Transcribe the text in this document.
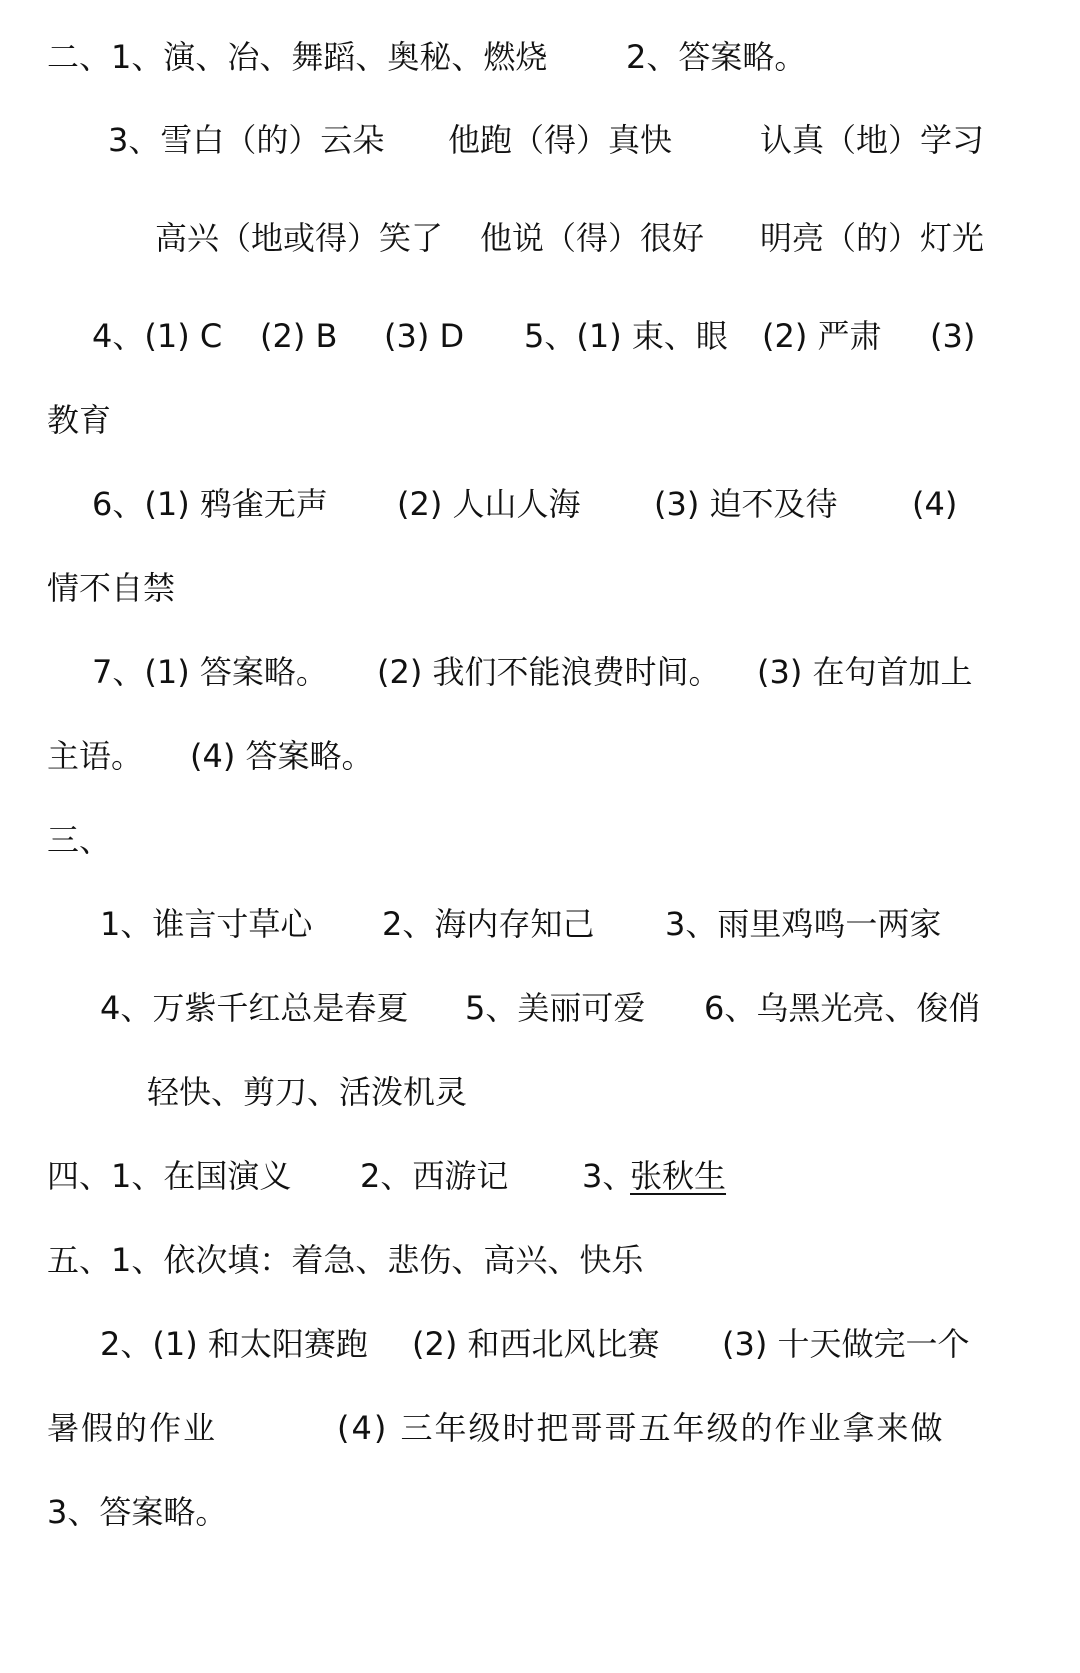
二、1、演、冶、舞蹈、奥秘、燃烧 2、答案略。
3、雪白（的）云朵 他跑（得）真快	认真（地）学习
高兴（地或得）笑了 他说（得）很好 明亮（的）灯光
4、(1) C (2) B (3) D 5、(1) 束、眼 (2) 严肃 (3)
教育
6、(1) 鸦雀无声 (2) 人山人海 (3) 迫不及待 (4)
情不自禁
7、(1) 答案略。 (2) 我们不能浪费时间。 (3) 在句首加上
主语。 (4) 答案略。
三、
1、谁言寸草心 2、海内存知己 3、雨里鸡鸣一两家
4、万紫千红总是春夏 5、美丽可爱 6、乌黑光亮、俊俏
轻快、剪刀、活泼机灵
四、1、在国演义 2、西游记 3、
张秋生
五、1、依次填：着急、悲伤、高兴、快乐
2、(1) 和太阳赛跑 (2) 和西北风比赛 (3) 十天做完一个
暑假的作业	(4) 三年级时把哥哥五年级的作业拿来做
3、答案略。
